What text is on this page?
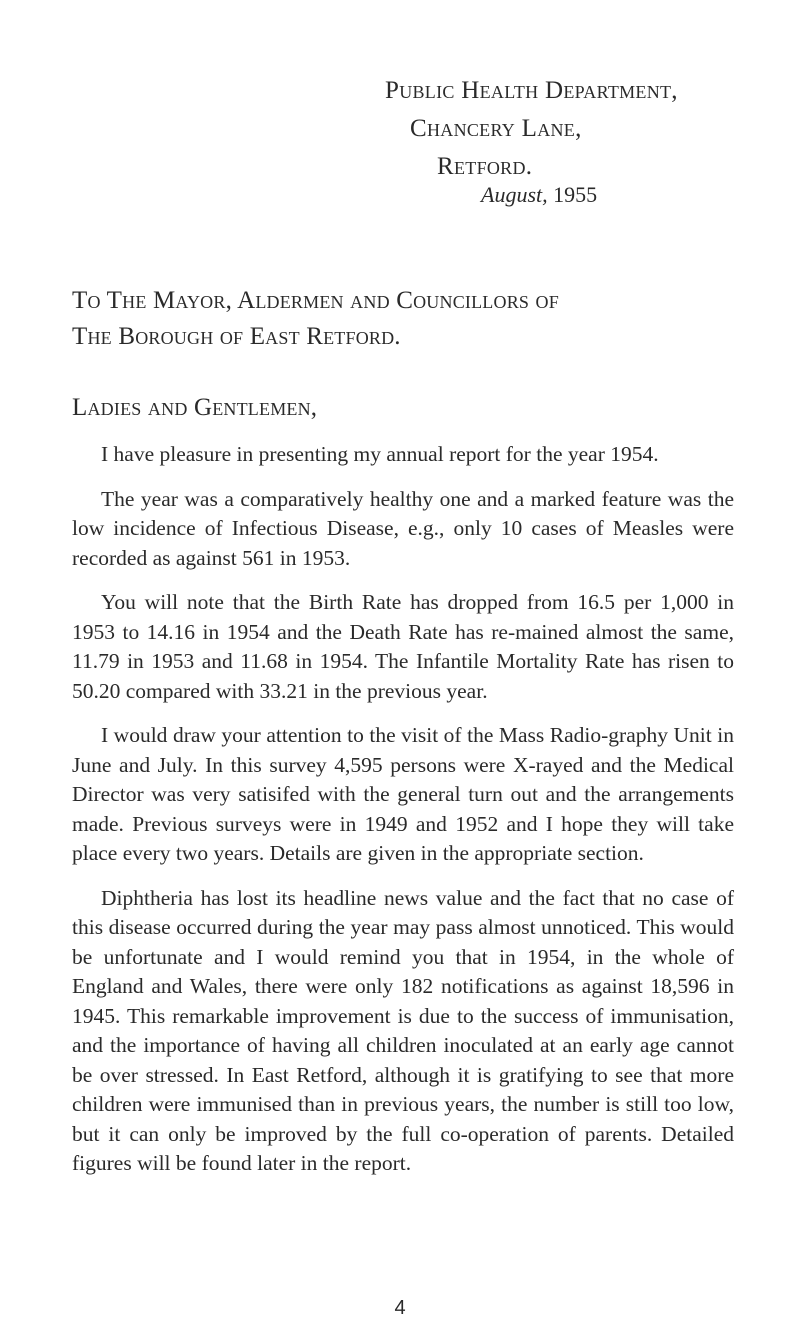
Public Health Department,
Chancery Lane,
Retford.
August, 1955
To The Mayor, Aldermen and Councillors of
The Borough of East Retford.
Ladies and Gentlemen,

I have pleasure in presenting my annual report for the year 1954.

The year was a comparatively healthy one and a marked feature was the low incidence of Infectious Disease, e.g., only 10 cases of Measles were recorded as against 561 in 1953.

You will note that the Birth Rate has dropped from 16.5 per 1,000 in 1953 to 14.16 in 1954 and the Death Rate has re-mained almost the same, 11.79 in 1953 and 11.68 in 1954. The Infantile Mortality Rate has risen to 50.20 compared with 33.21 in the previous year.

I would draw your attention to the visit of the Mass Radio-graphy Unit in June and July. In this survey 4,595 persons were X-rayed and the Medical Director was very satisifed with the general turn out and the arrangements made. Previous surveys were in 1949 and 1952 and I hope they will take place every two years. Details are given in the appropriate section.

Diphtheria has lost its headline news value and the fact that no case of this disease occurred during the year may pass almost unnoticed. This would be unfortunate and I would remind you that in 1954, in the whole of England and Wales, there were only 182 notifications as against 18,596 in 1945. This remarkable improvement is due to the success of immunisation, and the importance of having all children inoculated at an early age cannot be over stressed. In East Retford, although it is gratifying to see that more children were immunised than in previous years, the number is still too low, but it can only be improved by the full co-operation of parents. Detailed figures will be found later in the report.

4
